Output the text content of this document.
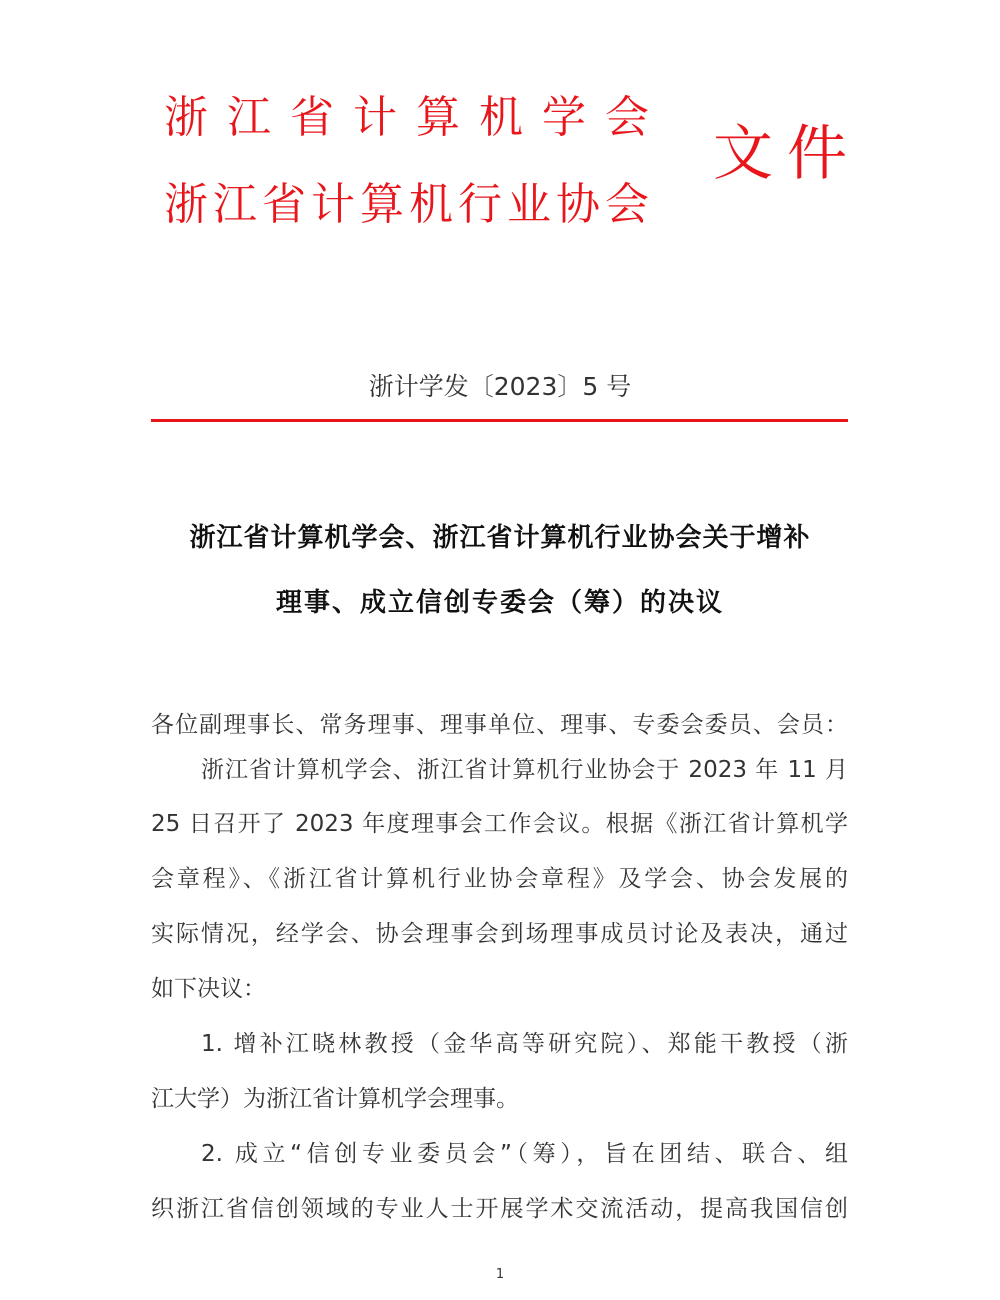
浙江省计算机学会
浙江省计算机行业协会
文件
浙计学发〔2023〕5 号
浙江省计算机学会、浙江省计算机行业协会关于增补
理事、成立信创专委会（筹）的决议
各位副理事长、常务理事、理事单位、理事、专委会委员、会员：
浙江省计算机学会、浙江省计算机行业协会于 2023 年 11 月
25 日召开了 2023 年度理事会工作会议。根据《浙江省计算机学
会章程》、《浙江省计算机行业协会章程》及学会、协会发展的
实际情况，经学会、协会理事会到场理事成员讨论及表决，通过
如下决议：
1. 增补江晓林教授（金华高等研究院）、郑能干教授（浙
江大学）为浙江省计算机学会理事。
2. 成立“信创专业委员会”（筹），旨在团结、联合、组
织浙江省信创领域的专业人士开展学术交流活动，提高我国信创
1
